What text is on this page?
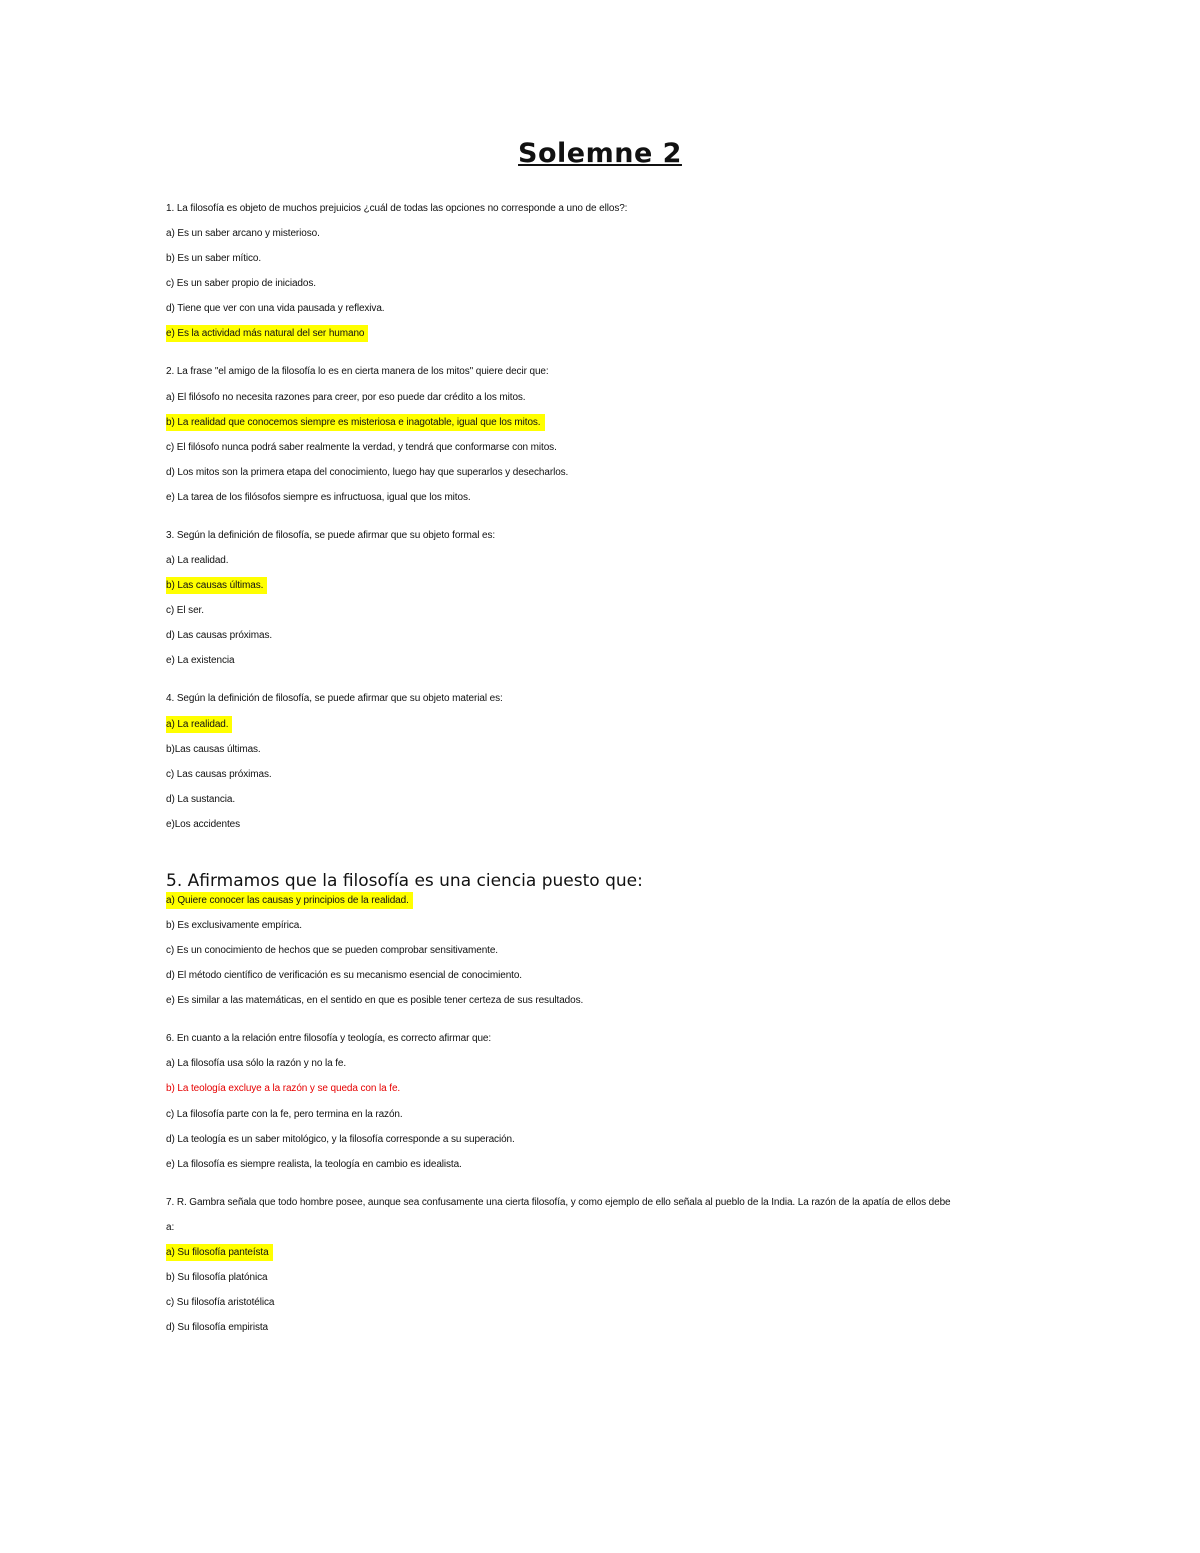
Solemne 2

1. La filosofía es objeto de muchos prejuicios ¿cuál de todas las opciones no corresponde a uno de ellos?:

a) Es un saber arcano y misterioso.

b) Es un saber mítico.

c) Es un saber propio de iniciados.

d) Tiene que ver con una vida pausada y reflexiva.

e) Es la actividad más natural del ser humano

2. La frase "el amigo de la filosofía lo es en cierta manera de los mitos" quiere decir que:

a) El filósofo no necesita razones para creer, por eso puede dar crédito a los mitos.

b) La realidad que conocemos siempre es misteriosa e inagotable, igual que los mitos.

c) El filósofo nunca podrá saber realmente la verdad, y tendrá que conformarse con mitos.

d) Los mitos son la primera etapa del conocimiento, luego hay que superarlos y desecharlos.

e) La tarea de los filósofos siempre es infructuosa, igual que los mitos.

3. Según la definición de filosofía, se puede afirmar que su objeto formal es:

a) La realidad.

b) Las causas últimas.

c) El ser.

d) Las causas próximas.

e) La existencia

4. Según la definición de filosofía, se puede afirmar que su objeto material es:

a) La realidad.

b)Las causas últimas.

c) Las causas próximas.

d) La sustancia.

e)Los accidentes

5. Afirmamos que la filosofía es una ciencia puesto que:

a) Quiere conocer las causas y principios de la realidad.

b) Es exclusivamente empírica.

c) Es un conocimiento de hechos que se pueden comprobar sensitivamente.

d) El método científico de verificación es su mecanismo esencial de conocimiento.

e) Es similar a las matemáticas, en el sentido en que es posible tener certeza de sus resultados.

6. En cuanto a la relación entre filosofía y teología, es correcto afirmar que:

a) La filosofía usa sólo la razón y no la fe.

b) La teología excluye a la razón y se queda con la fe.

c) La filosofía parte con la fe, pero termina en la razón.

d) La teología es un saber mitológico, y la filosofía corresponde a su superación.

e) La filosofía es siempre realista, la teología en cambio es idealista.

7. R. Gambra señala que todo hombre posee, aunque sea confusamente una cierta filosofía, y como ejemplo de ello señala al pueblo de la India. La razón de la apatía de ellos debe

a:

a) Su filosofía panteísta

b) Su filosofía platónica

c) Su filosofía aristotélica

d) Su filosofía empirista
